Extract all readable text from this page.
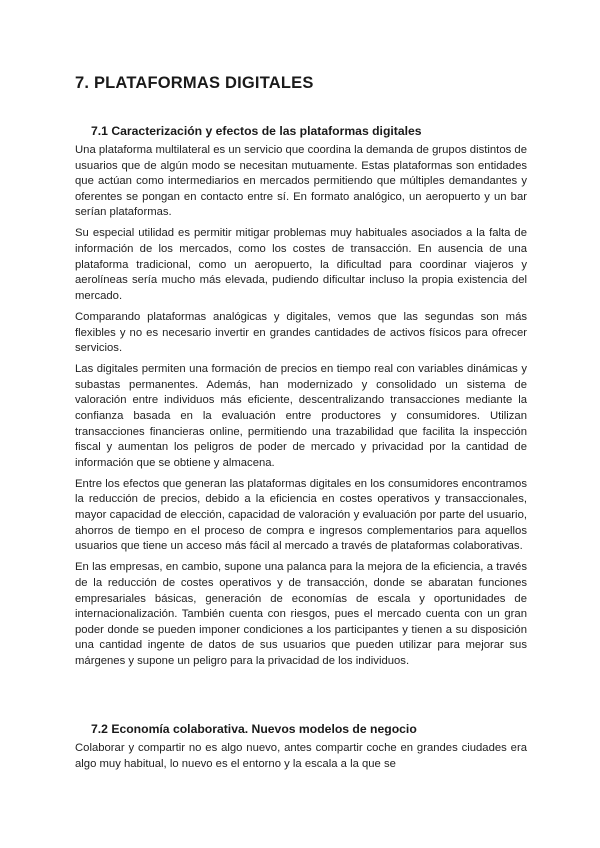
7. PLATAFORMAS DIGITALES
7.1 Caracterización y efectos de las plataformas digitales

Una plataforma multilateral es un servicio que coordina la demanda de grupos distintos de usuarios que de algún modo se necesitan mutuamente. Estas plataformas son entidades que actúan como intermediarios en mercados permitiendo que múltiples demandantes y oferentes se pongan en contacto entre sí. En formato analógico, un aeropuerto y un bar serían plataformas.

Su especial utilidad es permitir mitigar problemas muy habituales asociados a la falta de información de los mercados, como los costes de transacción. En ausencia de una plataforma tradicional, como un aeropuerto, la dificultad para coordinar viajeros y aerolíneas sería mucho más elevada, pudiendo dificultar incluso la propia existencia del mercado.

Comparando plataformas analógicas y digitales, vemos que las segundas son más flexibles y no es necesario invertir en grandes cantidades de activos físicos para ofrecer servicios.

Las digitales permiten una formación de precios en tiempo real con variables dinámicas y subastas permanentes. Además, han modernizado y consolidado un sistema de valoración entre individuos más eficiente, descentralizando transacciones mediante la confianza basada en la evaluación entre productores y consumidores. Utilizan transacciones financieras online, permitiendo una trazabilidad que facilita la inspección fiscal y aumentan los peligros de poder de mercado y privacidad por la cantidad de información que se obtiene y almacena.

Entre los efectos que generan las plataformas digitales en los consumidores encontramos la reducción de precios, debido a la eficiencia en costes operativos y transaccionales, mayor capacidad de elección, capacidad de valoración y evaluación por parte del usuario, ahorros de tiempo en el proceso de compra e ingresos complementarios para aquellos usuarios que tiene un acceso más fácil al mercado a través de plataformas colaborativas.

En las empresas, en cambio, supone una palanca para la mejora de la eficiencia, a través de la reducción de costes operativos y de transacción, donde se abaratan funciones empresariales básicas, generación de economías de escala y oportunidades de internacionalización. También cuenta con riesgos, pues el mercado cuenta con un gran poder donde se pueden imponer condiciones a los participantes y tienen a su disposición una cantidad ingente de datos de sus usuarios que pueden utilizar para mejorar sus márgenes y supone un peligro para la privacidad de los individuos.

7.2 Economía colaborativa. Nuevos modelos de negocio

Colaborar y compartir no es algo nuevo, antes compartir coche en grandes ciudades era algo muy habitual, lo nuevo es el entorno y la escala a la que se
